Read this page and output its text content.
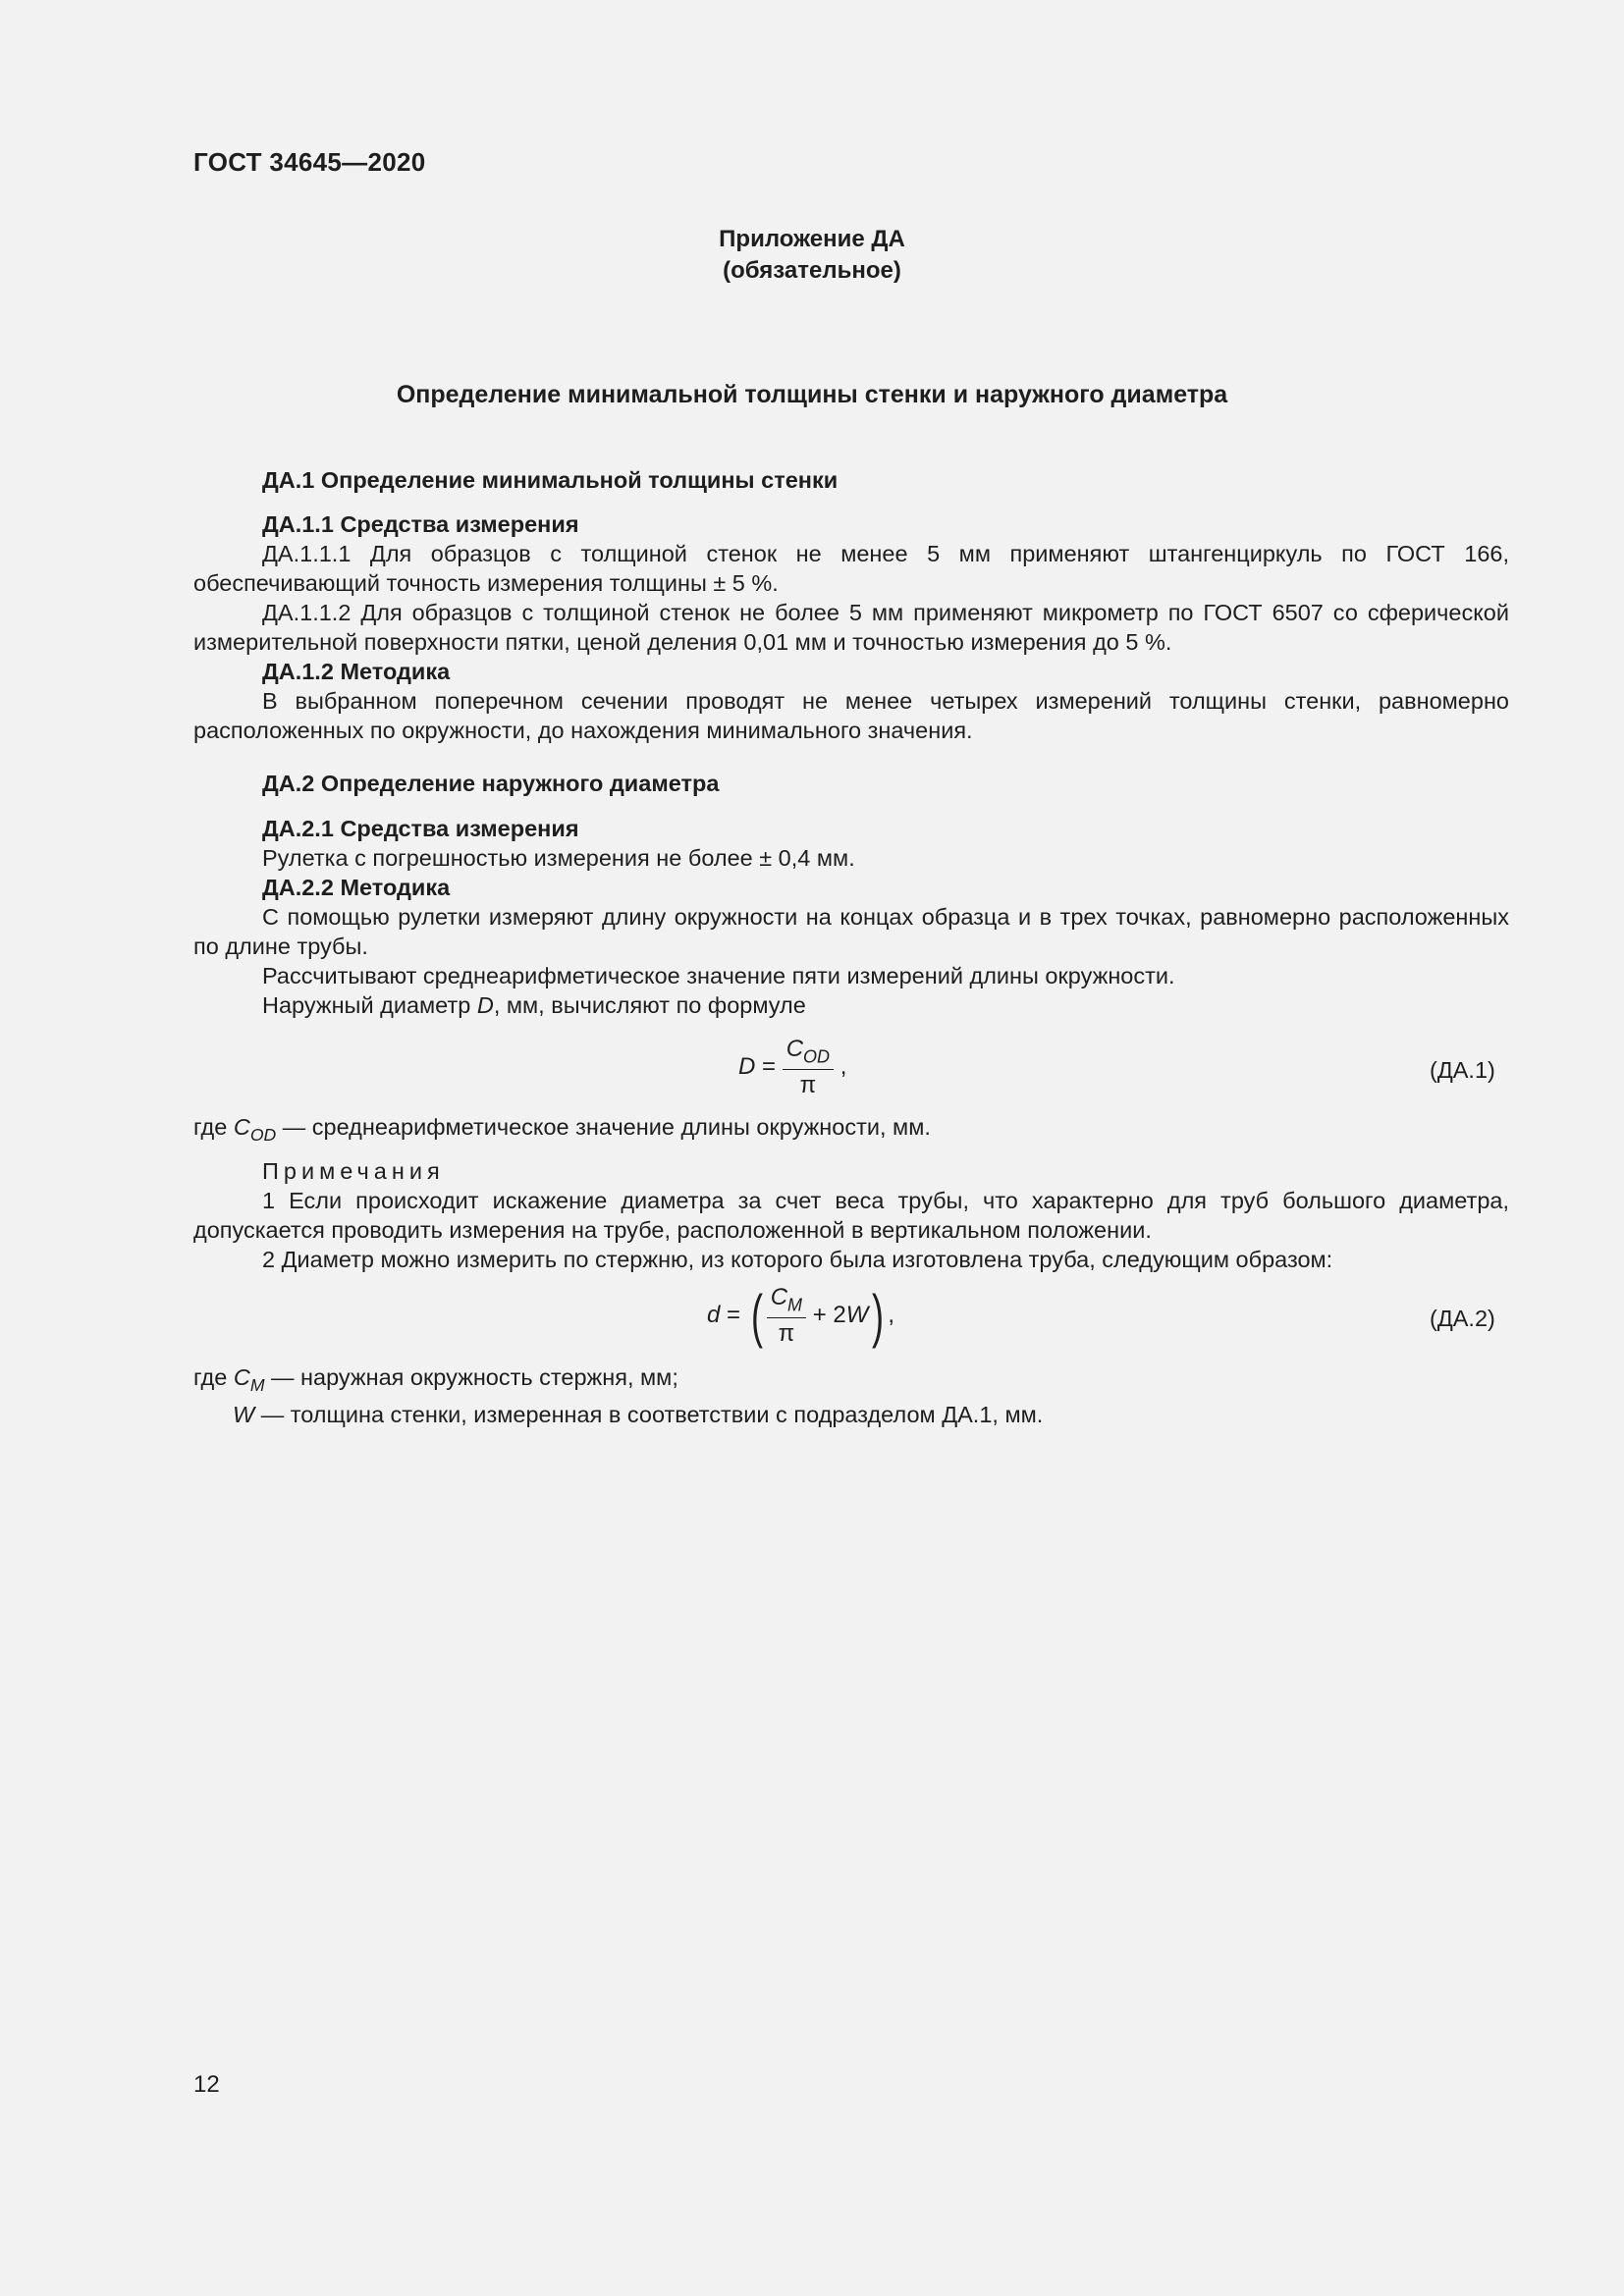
ГОСТ 34645—2020
Приложение ДА
(обязательное)
Определение минимальной толщины стенки и наружного диаметра

ДА.1 Определение минимальной толщины стенки

ДА.1.1 Средства измерения

ДА.1.1.1 Для образцов с толщиной стенок не менее 5 мм применяют штангенциркуль по ГОСТ 166, обеспечивающий точность измерения толщины ± 5 %.

ДА.1.1.2 Для образцов с толщиной стенок не более 5 мм применяют микрометр по ГОСТ 6507 со сферической измерительной поверхности пятки, ценой деления 0,01 мм и точностью измерения до 5 %.

ДА.1.2 Методика

В выбранном поперечном сечении проводят не менее четырех измерений толщины стенки, равномерно расположенных по окружности, до нахождения минимального значения.

ДА.2 Определение наружного диаметра

ДА.2.1 Средства измерения

Рулетка с погрешностью измерения не более ± 0,4 мм.

ДА.2.2 Методика

С помощью рулетки измеряют длину окружности на концах образца и в трех точках, равномерно расположенных по длине трубы.

Рассчитывают среднеарифметическое значение пяти измерений длины окружности.

Наружный диаметр D, мм, вычисляют по формуле

$D = \frac{C_{OD}}{\pi}$ ,	(ДА.1)

где $C_{OD}$ — среднеарифметическое значение длины окружности, мм.

Примечания

1 Если происходит искажение диаметра за счет веса трубы, что характерно для труб большого диаметра, допускается проводить измерения на трубе, расположенной в вертикальном положении.

2 Диаметр можно измерить по стержню, из которого была изготовлена труба, следующим образом:

d = ( $\frac{C_M}{\pi} + 2W$) ,	(ДА.2)

где $C_M$ — наружная окружность стержня, мм;

W — толщина стенки, измеренная в соответствии с подразделом ДА.1, мм.

12
